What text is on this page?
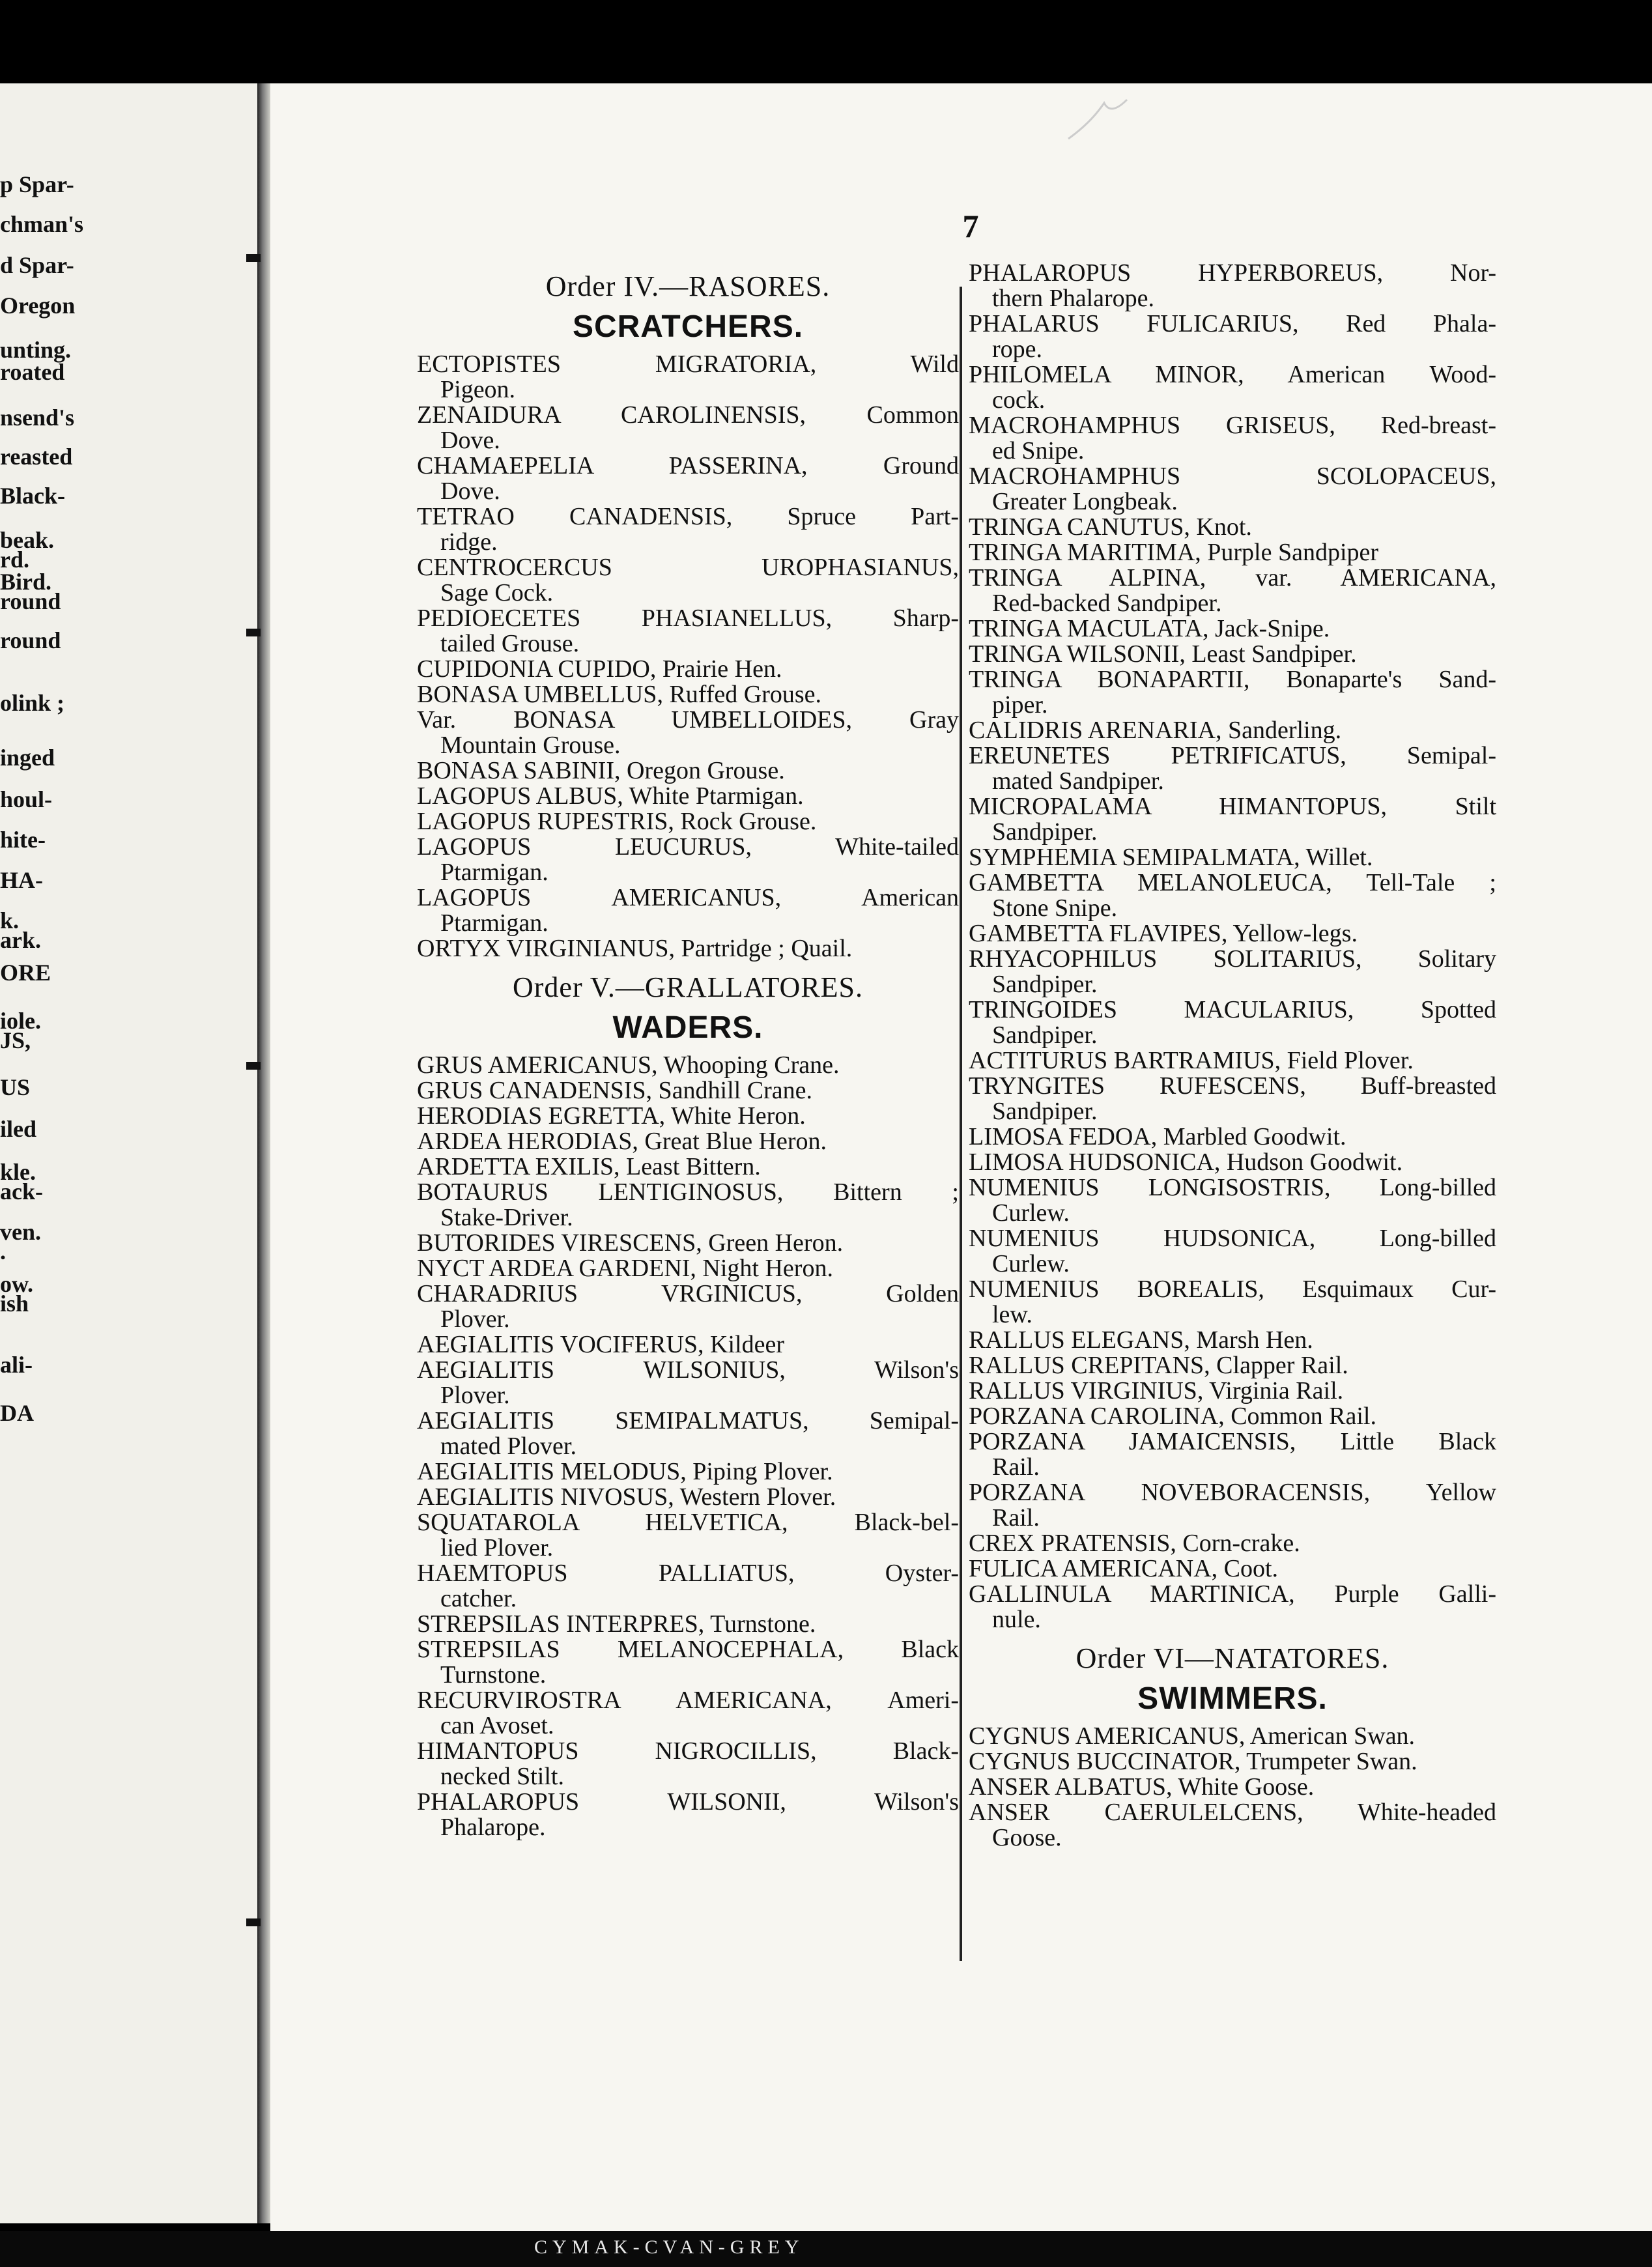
p Spar-
chman's
d Spar-
Oregon
unting.
roated
nsend's
reasted
Black-
beak.
rd.
Bird.
round
round
olink ;
inged
houl-
hite-
HA-
k.
ark.
ORE
iole.
JS,
US
iled
kle.
ack-
ven.
.
ow.
ish
ali-
DA
7
Order IV.—RASORES.
SCRATCHERS.
ECTOPISTES MIGRATORIA, Wild
Pigeon.
ZENAIDURA CAROLINENSIS, Common
Dove.
CHAMAEPELIA PASSERINA, Ground
Dove.
TETRAO CANADENSIS, Spruce Part-
ridge.
CENTROCERCUS UROPHASIANUS,
Sage Cock.
PEDIOECETES PHASIANELLUS, Sharp-
tailed Grouse.
CUPIDONIA CUPIDO, Prairie Hen.
BONASA UMBELLUS, Ruffed Grouse.
Var. BONASA UMBELLOIDES, Gray
Mountain Grouse.
BONASA SABINII, Oregon Grouse.
LAGOPUS ALBUS, White Ptarmigan.
LAGOPUS RUPESTRIS, Rock Grouse.
LAGOPUS LEUCURUS, White-tailed
Ptarmigan.
LAGOPUS AMERICANUS, American
Ptarmigan.
ORTYX VIRGINIANUS, Partridge ; Quail.
Order V.—GRALLATORES.
WADERS.
GRUS AMERICANUS, Whooping Crane.
GRUS CANADENSIS, Sandhill Crane.
HERODIAS EGRETTA, White Heron.
ARDEA HERODIAS, Great Blue Heron.
ARDETTA EXILIS, Least Bittern.
BOTAURUS LENTIGINOSUS, Bittern ;
Stake-Driver.
BUTORIDES VIRESCENS, Green Heron.
NYCT ARDEA GARDENI, Night Heron.
CHARADRIUS VRGINICUS, Golden
Plover.
AEGIALITIS VOCIFERUS, Kildeer
AEGIALITIS WILSONIUS, Wilson's
Plover.
AEGIALITIS SEMIPALMATUS, Semipal-
mated Plover.
AEGIALITIS MELODUS, Piping Plover.
AEGIALITIS NIVOSUS, Western Plover.
SQUATAROLA HELVETICA, Black-bel-
lied Plover.
HAEMTOPUS PALLIATUS, Oyster-
catcher.
STREPSILAS INTERPRES, Turnstone.
STREPSILAS MELANOCEPHALA, Black
Turnstone.
RECURVIROSTRA AMERICANA, Ameri-
can Avoset.
HIMANTOPUS NIGROCILLIS, Black-
necked Stilt.
PHALAROPUS WILSONII, Wilson's
Phalarope.
PHALAROPUS HYPERBOREUS, Nor-
thern Phalarope.
PHALARUS FULICARIUS, Red Phala-
rope.
PHILOMELA MINOR, American Wood-
cock.
MACROHAMPHUS GRISEUS, Red-breast-
ed Snipe.
MACROHAMPHUS SCOLOPACEUS,
Greater Longbeak.
TRINGA CANUTUS, Knot.
TRINGA MARITIMA, Purple Sandpiper
TRINGA ALPINA, var. AMERICANA,
Red-backed Sandpiper.
TRINGA MACULATA, Jack-Snipe.
TRINGA WILSONII, Least Sandpiper.
TRINGA BONAPARTII, Bonaparte's Sand-
piper.
CALIDRIS ARENARIA, Sanderling.
EREUNETES PETRIFICATUS, Semipal-
mated Sandpiper.
MICROPALAMA HIMANTOPUS, Stilt
Sandpiper.
SYMPHEMIA SEMIPALMATA, Willet.
GAMBETTA MELANOLEUCA, Tell-Tale ;
Stone Snipe.
GAMBETTA FLAVIPES, Yellow-legs.
RHYACOPHILUS SOLITARIUS, Solitary
Sandpiper.
TRINGOIDES MACULARIUS, Spotted
Sandpiper.
ACTITURUS BARTRAMIUS, Field Plover.
TRYNGITES RUFESCENS, Buff-breasted
Sandpiper.
LIMOSA FEDOA, Marbled Goodwit.
LIMOSA HUDSONICA, Hudson Goodwit.
NUMENIUS LONGISOSTRIS, Long-billed
Curlew.
NUMENIUS HUDSONICA, Long-billed
Curlew.
NUMENIUS BOREALIS, Esquimaux Cur-
lew.
RALLUS ELEGANS, Marsh Hen.
RALLUS CREPITANS, Clapper Rail.
RALLUS VIRGINIUS, Virginia Rail.
PORZANA CAROLINA, Common Rail.
PORZANA JAMAICENSIS, Little Black
Rail.
PORZANA NOVEBORACENSIS, Yellow
Rail.
CREX PRATENSIS, Corn-crake.
FULICA AMERICANA, Coot.
GALLINULA MARTINICA, Purple Galli-
nule.
Order VI—NATATORES.
SWIMMERS.
CYGNUS AMERICANUS, American Swan.
CYGNUS BUCCINATOR, Trumpeter Swan.
ANSER ALBATUS, White Goose.
ANSER CAERULELCENS, White-headed
Goose.
CYMAK-CVAN-GREY
